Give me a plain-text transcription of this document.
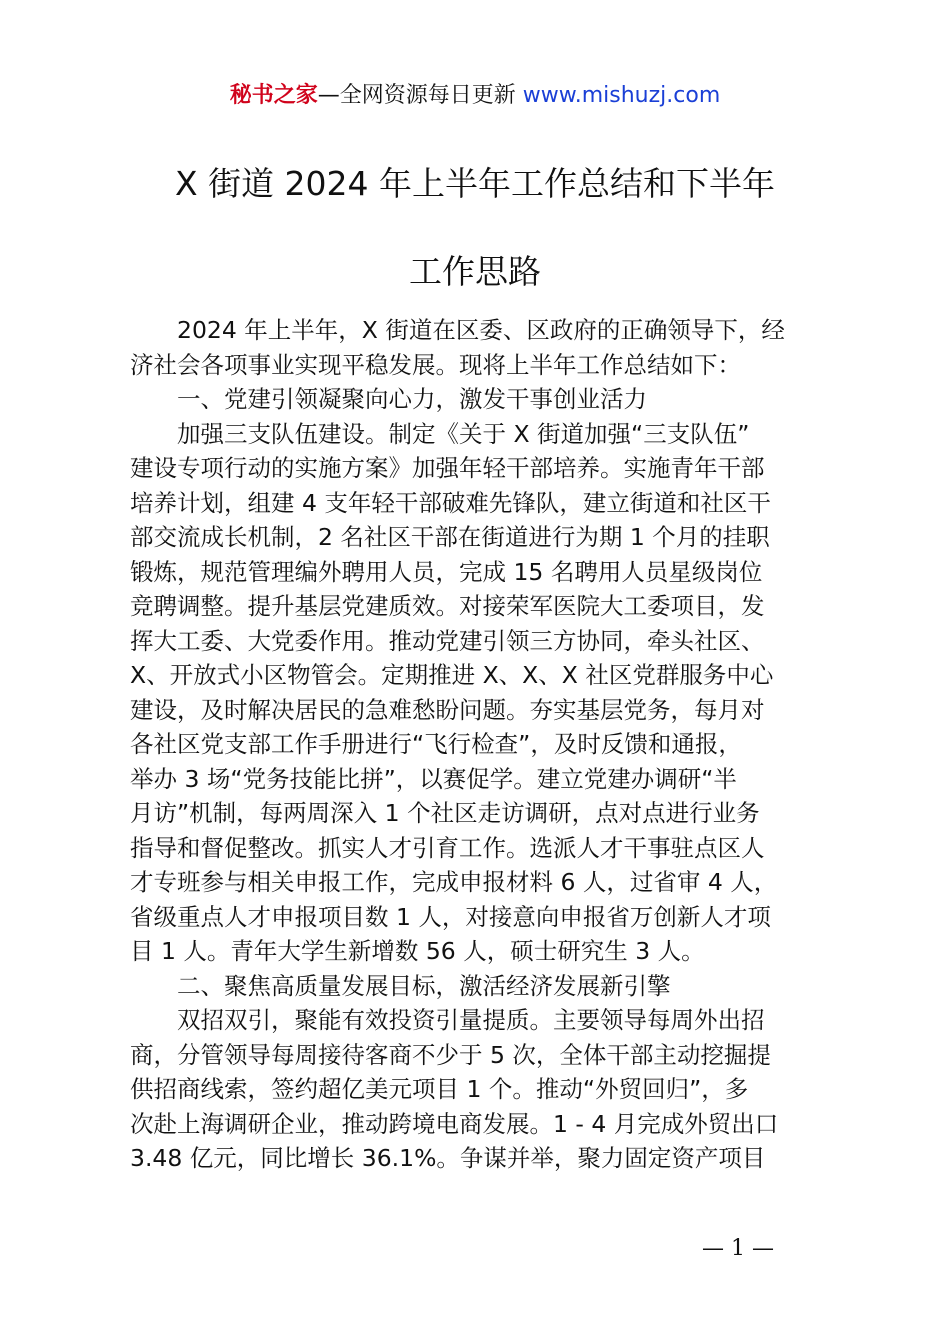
秘书之家—全网资源每日更新 www.mishuzj.com
X 街道 2024 年上半年工作总结和下半年
工作思路
2024 年上半年，X 街道在区委、区政府的正确领导下，经
济社会各项事业实现平稳发展。现将上半年工作总结如下：
一、党建引领凝聚向心力，激发干事创业活力
加强三支队伍建设。制定《关于 X 街道加强“三支队伍”
建设专项行动的实施方案》加强年轻干部培养。实施青年干部
培养计划，组建 4 支年轻干部破难先锋队，建立街道和社区干
部交流成长机制，2 名社区干部在街道进行为期 1 个月的挂职
锻炼，规范管理编外聘用人员，完成 15 名聘用人员星级岗位
竞聘调整。提升基层党建质效。对接荣军医院大工委项目，发
挥大工委、大党委作用。推动党建引领三方协同，牵头社区、
X、开放式小区物管会。定期推进 X、X、X 社区党群服务中心
建设，及时解决居民的急难愁盼问题。夯实基层党务，每月对
各社区党支部工作手册进行“飞行检查”，及时反馈和通报，
举办 3 场“党务技能比拼”，以赛促学。建立党建办调研“半
月访”机制，每两周深入 1 个社区走访调研，点对点进行业务
指导和督促整改。抓实人才引育工作。选派人才干事驻点区人
才专班参与相关申报工作，完成申报材料 6 人，过省审 4 人，
省级重点人才申报项目数 1 人，对接意向申报省万创新人才项
目 1 人。青年大学生新增数 56 人，硕士研究生 3 人。
二、聚焦高质量发展目标，激活经济发展新引擎
双招双引，聚能有效投资引量提质。主要领导每周外出招
商，分管领导每周接待客商不少于 5 次，全体干部主动挖掘提
供招商线索，签约超亿美元项目 1 个。推动“外贸回归”，多
次赴上海调研企业，推动跨境电商发展。1 - 4 月完成外贸出口
3.48 亿元，同比增长 36.1%。争谋并举，聚力固定资产项目
— 1 —
